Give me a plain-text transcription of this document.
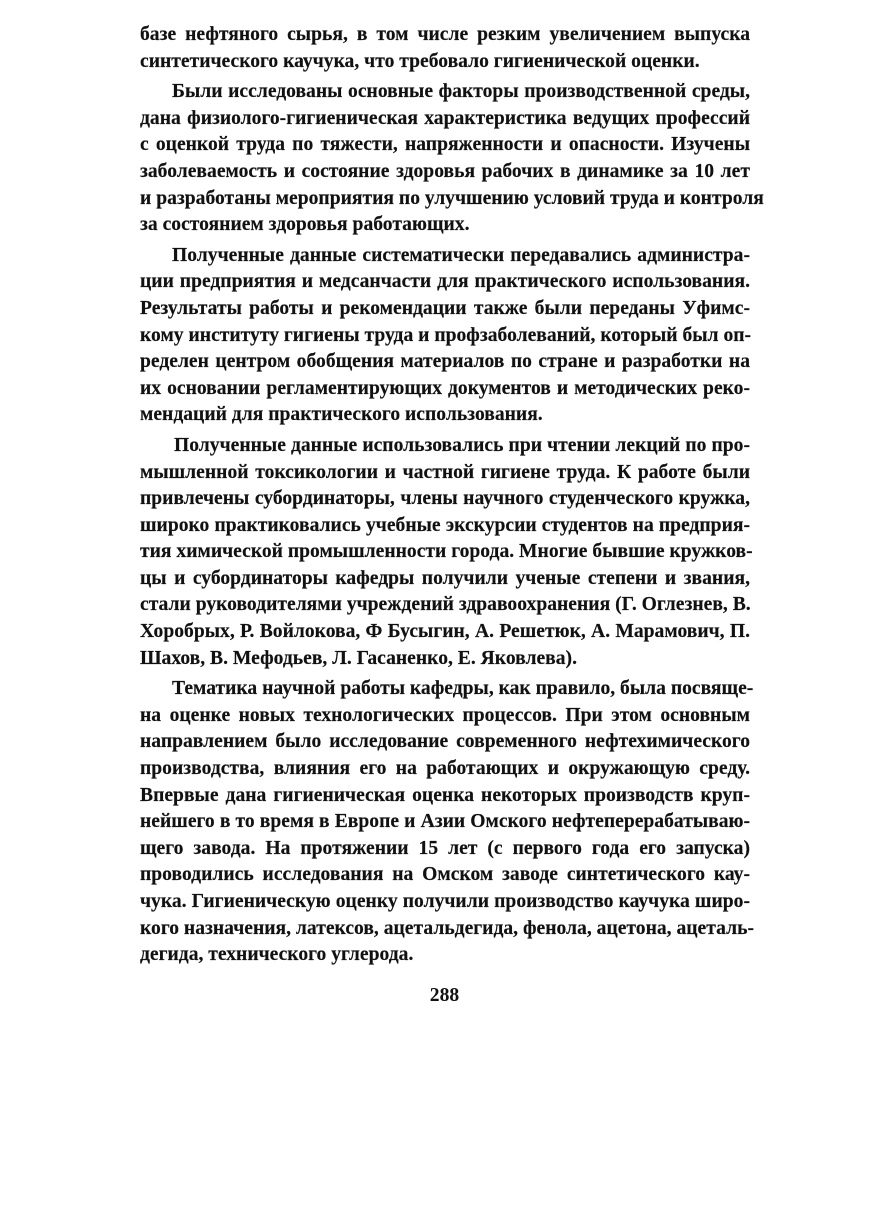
базе нефтяного сырья, в том числе резким увеличением выпуска
синтетического каучука, что требовало гигиенической оценки.
Были исследованы основные факторы производственной среды,
дана физиолого-гигиеническая характеристика ведущих профессий
с оценкой труда по тяжести, напряженности и опасности. Изучены
заболеваемость и состояние здоровья рабочих в динамике за 10 лет
и разработаны мероприятия по улучшению условий труда и контроля
за состоянием здоровья работающих.
Полученные данные систематически передавались администра-
ции предприятия и медсанчасти для практического использования.
Результаты работы и рекомендации также были переданы Уфимс-
кому институту гигиены труда и профзаболеваний, который был оп-
ределен центром обобщения материалов по стране и разработки на
их основании регламентирующих документов и методических реко-
мендаций для практического использования.
Полученные данные использовались при чтении лекций по про-
мышленной токсикологии и частной гигиене труда. К работе были
привлечены субординаторы, члены научного студенческого кружка,
широко практиковались учебные экскурсии студентов на предприя-
тия химической промышленности города. Многие бывшие кружков-
цы и субординаторы кафедры получили ученые степени и звания,
стали руководителями учреждений здравоохранения (Г. Оглезнев, В.
Хоробрых, Р. Войлокова, Ф Бусыгин, А. Решетюк, А. Марамович, П.
Шахов, В. Мефодьев, Л. Гасаненко, Е. Яковлева).
Тематика научной работы кафедры, как правило, была посвяще-
на оценке новых технологических процессов. При этом основным
направлением было исследование современного нефтехимического
производства, влияния его на работающих и окружающую среду.
Впервые дана гигиеническая оценка некоторых производств круп-
нейшего в то время в Европе и Азии Омского нефтеперерабатываю-
щего завода. На протяжении 15 лет (с первого года его запуска)
проводились исследования на Омском заводе синтетического кау-
чука. Гигиеническую оценку получили производство каучука широ-
кого назначения, латексов, ацетальдегида, фенола, ацетона, ацеталь-
дегида, технического углерода.
288
